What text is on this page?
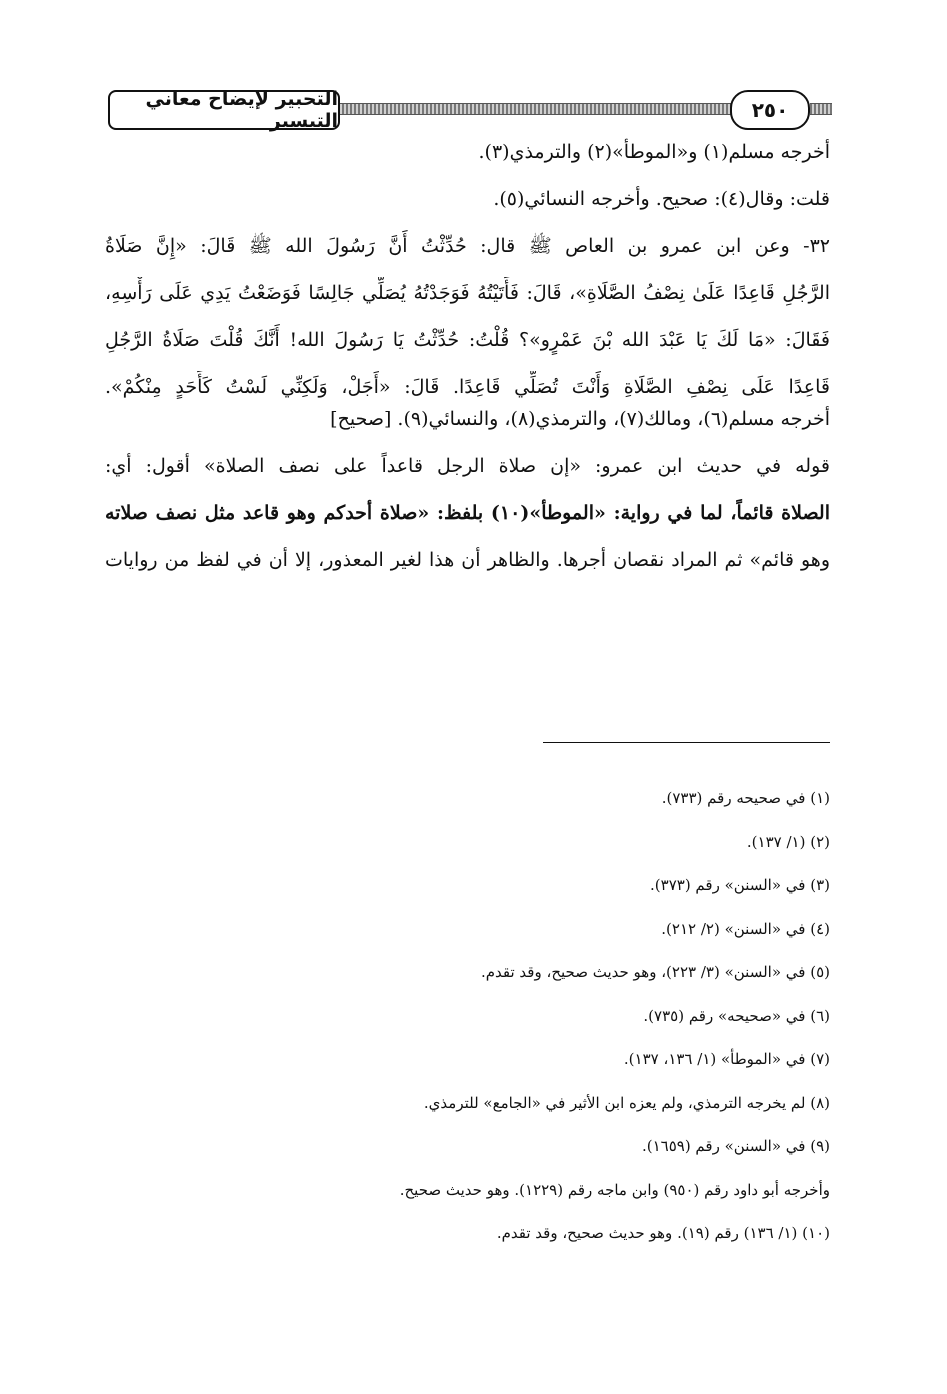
التحبير لإيضاح معاني التيسير	٢٥٠
أخرجه مسلم(١) و«الموطأ»(٢) والترمذي(٣).
قلت: وقال(٤): صحيح. وأخرجه النسائي(٥).
٣٢- وعن ابن عمرو بن العاص ﷺ قال: حُدِّثْتُ أَنَّ رَسُولَ الله ﷺ قَالَ: «إِنَّ صَلَاةُ
الرَّجُلِ قَاعِدًا عَلَىٰ نِصْفُ الصَّلَاةِ»، قَالَ: فَأَتَيْتُهُ فَوَجَدْتُهُ يُصَلِّي جَالِسًا فَوَضَعْتُ يَدِي عَلَى رَأْسِهِ،
فَقَالَ: «مَا لَكَ يَا عَبْدَ الله بْنَ عَمْرٍو»؟ قُلْتُ: حُدِّثْتُ يَا رَسُولَ الله! أَنَّكَ قُلْتَ صَلَاةُ الرَّجُلِ
قَاعِدًا عَلَى نِصْفِ الصَّلَاةِ وَأَنْتَ تُصَلِّي قَاعِدًا. قَالَ: «أَجَلْ، وَلَكِنِّي لَسْتُ كَأَحَدٍ مِنْكُمْ».
أخرجه مسلم(٦)، ومالك(٧)، والترمذي(٨)، والنسائي(٩). [صحيح]
قوله في حديث ابن عمرو: «إن صلاة الرجل قاعداً على نصف الصلاة» أقول: أي:
الصلاة قائماً، لما في رواية: «الموطأ»(١٠) بلفظ: «صلاة أحدكم وهو قاعد مثل نصف صلاته
وهو قائم» ثم المراد نقصان أجرها. والظاهر أن هذا لغير المعذور، إلا أن في لفظ من روايات
(١) في صحيحه رقم (٧٣٣).
(٢) (١/ ١٣٧).
(٣) في «السنن» رقم (٣٧٣).
(٤) في «السنن» (٢/ ٢١٢).
(٥) في «السنن» (٣/ ٢٢٣)، وهو حديث صحيح، وقد تقدم.
(٦) في «صحيحه» رقم (٧٣٥).
(٧) في «الموطأ» (١/ ١٣٦، ١٣٧).
(٨) لم يخرجه الترمذي، ولم يعزه ابن الأثير في «الجامع» للترمذي.
(٩) في «السنن» رقم (١٦٥٩).
وأخرجه أبو داود رقم (٩٥٠) وابن ماجه رقم (١٢٢٩). وهو حديث صحيح.
(١٠) (١/ ١٣٦) رقم (١٩). وهو حديث صحيح، وقد تقدم.
